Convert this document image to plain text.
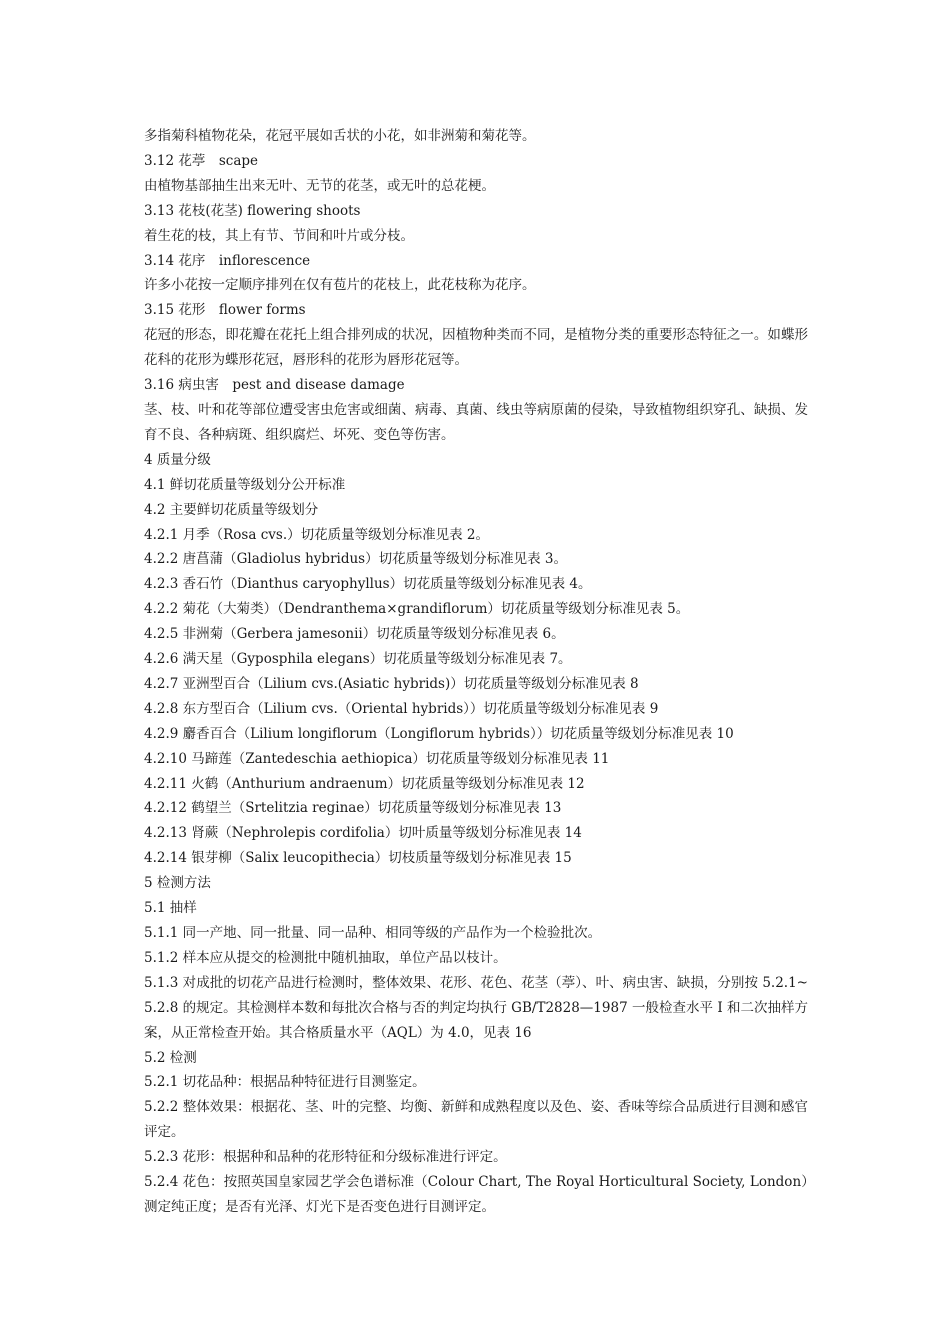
多指菊科植物花朵，花冠平展如舌状的小花，如非洲菊和菊花等。

3.12 花葶　scape

由植物基部抽生出来无叶、无节的花茎，或无叶的总花梗。

3.13 花枝(花茎) flowering shoots

着生花的枝，其上有节、节间和叶片或分枝。

3.14 花序　inflorescence

许多小花按一定顺序排列在仅有苞片的花枝上，此花枝称为花序。

3.15 花形　flower forms

花冠的形态，即花瓣在花托上组合排列成的状况，因植物种类而不同，是植物分类的重要形态特征之一。如蝶形花科的花形为蝶形花冠，唇形科的花形为唇形花冠等。

3.16 病虫害　pest and disease damage

茎、枝、叶和花等部位遭受害虫危害或细菌、病毒、真菌、线虫等病原菌的侵染，导致植物组织穿孔、缺损、发育不良、各种病斑、组织腐烂、坏死、变色等伤害。

4 质量分级

4.1 鲜切花质量等级划分公开标准

4.2 主要鲜切花质量等级划分

4.2.1 月季（Rosa cvs.）切花质量等级划分标准见表 2。

4.2.2 唐菖蒲（Gladiolus hybridus）切花质量等级划分标准见表 3。

4.2.3 香石竹（Dianthus caryophyllus）切花质量等级划分标准见表 4。

4.2.2 菊花（大菊类）（Dendranthema×grandiflorum）切花质量等级划分标准见表 5。

4.2.5 非洲菊（Gerbera jamesonii）切花质量等级划分标准见表 6。

4.2.6 满天星（Gyposphila elegans）切花质量等级划分标准见表 7。

4.2.7 亚洲型百合（Lilium cvs.(Asiatic hybrids)）切花质量等级划分标准见表 8

4.2.8 东方型百合（Lilium cvs.（Oriental hybrids））切花质量等级划分标准见表 9

4.2.9 麝香百合（Lilium longiflorum（Longiflorum hybrids））切花质量等级划分标准见表 10

4.2.10 马蹄莲（Zantedeschia aethiopica）切花质量等级划分标准见表 11

4.2.11 火鹤（Anthurium andraenum）切花质量等级划分标准见表 12

4.2.12 鹤望兰（Srtelitzia reginae）切花质量等级划分标准见表 13

4.2.13 肾蕨（Nephrolepis cordifolia）切叶质量等级划分标准见表 14

4.2.14 银芽柳（Salix leucopithecia）切枝质量等级划分标准见表 15

5 检测方法

5.1 抽样

5.1.1 同一产地、同一批量、同一品种、相同等级的产品作为一个检验批次。

5.1.2 样本应从提交的检测批中随机抽取，单位产品以枝计。

5.1.3 对成批的切花产品进行检测时，整体效果、花形、花色、花茎（葶）、叶、病虫害、缺损，分别按 5.2.1~5.2.8 的规定。其检测样本数和每批次合格与否的判定均执行 GB/T2828—1987 一般检查水平 I 和二次抽样方案，从正常检查开始。其合格质量水平（AQL）为 4.0，见表 16

5.2 检测

5.2.1 切花品种：根据品种特征进行目测鉴定。

5.2.2 整体效果：根据花、茎、叶的完整、均衡、新鲜和成熟程度以及色、姿、香味等综合品质进行目测和感官评定。

5.2.3 花形：根据种和品种的花形特征和分级标准进行评定。

5.2.4 花色：按照英国皇家园艺学会色谱标准（Colour Chart, The Royal Horticultural Society, London）测定纯正度；是否有光泽、灯光下是否变色进行目测评定。
